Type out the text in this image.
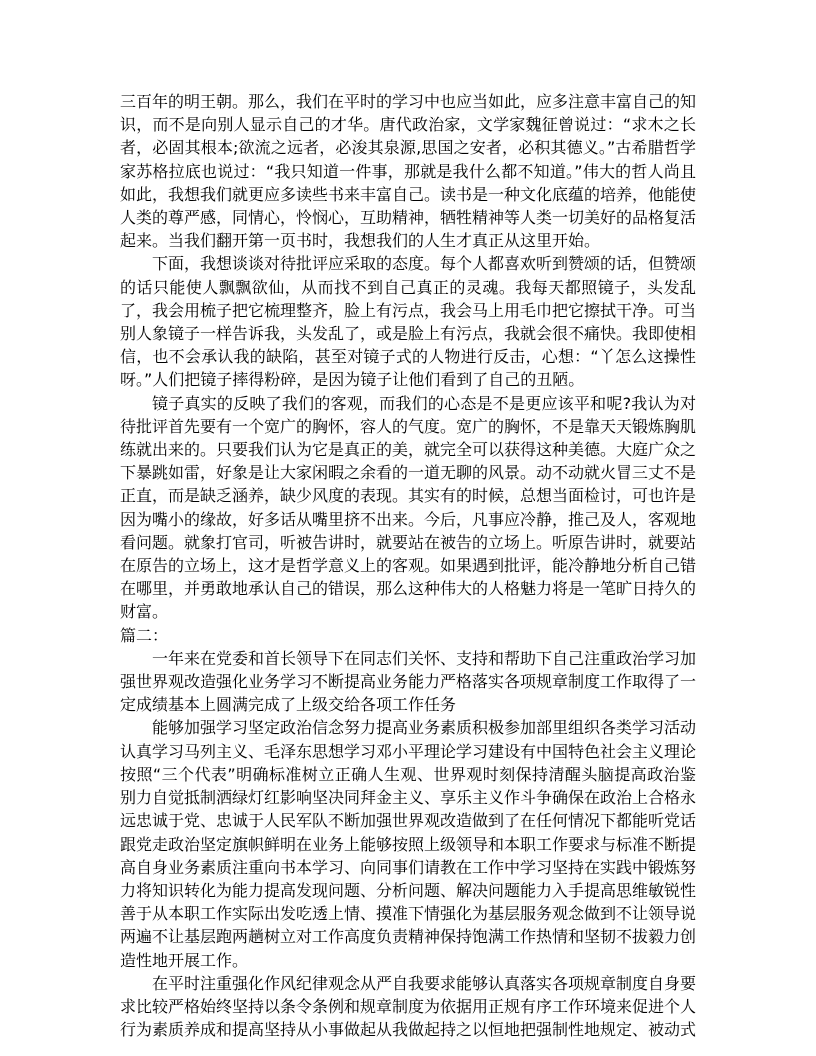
三百年的明王朝。那么，我们在平时的学习中也应当如此，应多注意丰富自己的知识，而不是向别人显示自己的才华。唐代政治家，文学家魏征曾说过：“求木之长者，必固其根本;欲流之远者，必浚其泉源,思国之安者，必积其德义。”古希腊哲学家苏格拉底也说过：“我只知道一件事，那就是我什么都不知道。”伟大的哲人尚且如此，我想我们就更应多读些书来丰富自己。读书是一种文化底蕴的培养，他能使人类的尊严感，同情心，怜悯心，互助精神，牺牲精神等人类一切美好的品格复活起来。当我们翻开第一页书时，我想我们的人生才真正从这里开始。

下面，我想谈谈对待批评应采取的态度。每个人都喜欢听到赞颂的话，但赞颂的话只能使人飘飘欲仙，从而找不到自己真正的灵魂。我每天都照镜子，头发乱了，我会用梳子把它梳理整齐，脸上有污点，我会马上用毛巾把它擦拭干净。可当别人象镜子一样告诉我，头发乱了，或是脸上有污点，我就会很不痛快。我即使相信，也不会承认我的缺陷，甚至对镜子式的人物进行反击，心想：“丫怎么这操性呀。”人们把镜子摔得粉碎，是因为镜子让他们看到了自己的丑陋。

镜子真实的反映了我们的客观，而我们的心态是不是更应该平和呢?我认为对待批评首先要有一个宽广的胸怀，容人的气度。宽广的胸怀，不是靠天天锻炼胸肌练就出来的。只要我们认为它是真正的美，就完全可以获得这种美德。大庭广众之下暴跳如雷，好象是让大家闲暇之余看的一道无聊的风景。动不动就火冒三丈不是正直，而是缺乏涵养，缺少风度的表现。其实有的时候，总想当面检讨，可也许是因为嘴小的缘故，好多话从嘴里挤不出来。今后，凡事应冷静，推己及人，客观地看问题。就象打官司，听被告讲时，就要站在被告的立场上。听原告讲时，就要站在原告的立场上，这才是哲学意义上的客观。如果遇到批评，能冷静地分析自己错在哪里，并勇敢地承认自己的错误，那么这种伟大的人格魅力将是一笔旷日持久的财富。

篇二：

一年来在党委和首长领导下在同志们关怀、支持和帮助下自己注重政治学习加强世界观改造强化业务学习不断提高业务能力严格落实各项规章制度工作取得了一定成绩基本上圆满完成了上级交给各项工作任务

能够加强学习坚定政治信念努力提高业务素质积极参加部里组织各类学习活动认真学习马列主义、毛泽东思想学习邓小平理论学习建设有中国特色社会主义理论按照“三个代表”明确标准树立正确人生观、世界观时刻保持清醒头脑提高政治鉴别力自觉抵制洒绿灯红影响坚决同拜金主义、享乐主义作斗争确保在政治上合格永远忠诚于党、忠诚于人民军队不断加强世界观改造做到了在任何情况下都能听党话跟党走政治坚定旗帜鲜明在业务上能够按照上级领导和本职工作要求与标准不断提高自身业务素质注重向书本学习、向同事们请教在工作中学习坚持在实践中锻炼努力将知识转化为能力提高发现问题、分析问题、解决问题能力入手提高思维敏锐性善于从本职工作实际出发吃透上情、摸准下情强化为基层服务观念做到不让领导说两遍不让基层跑两趟树立对工作高度负责精神保持饱满工作热情和坚韧不拔毅力创造性地开展工作。

在平时注重强化作风纪律观念从严自我要求能够认真落实各项规章制度自身要求比较严格始终坚持以条令条例和规章制度为依据用正规有序工作环境来促进个人行为素质养成和提高坚持从小事做起从我做起持之以恒地把强制性地规定、被动式
